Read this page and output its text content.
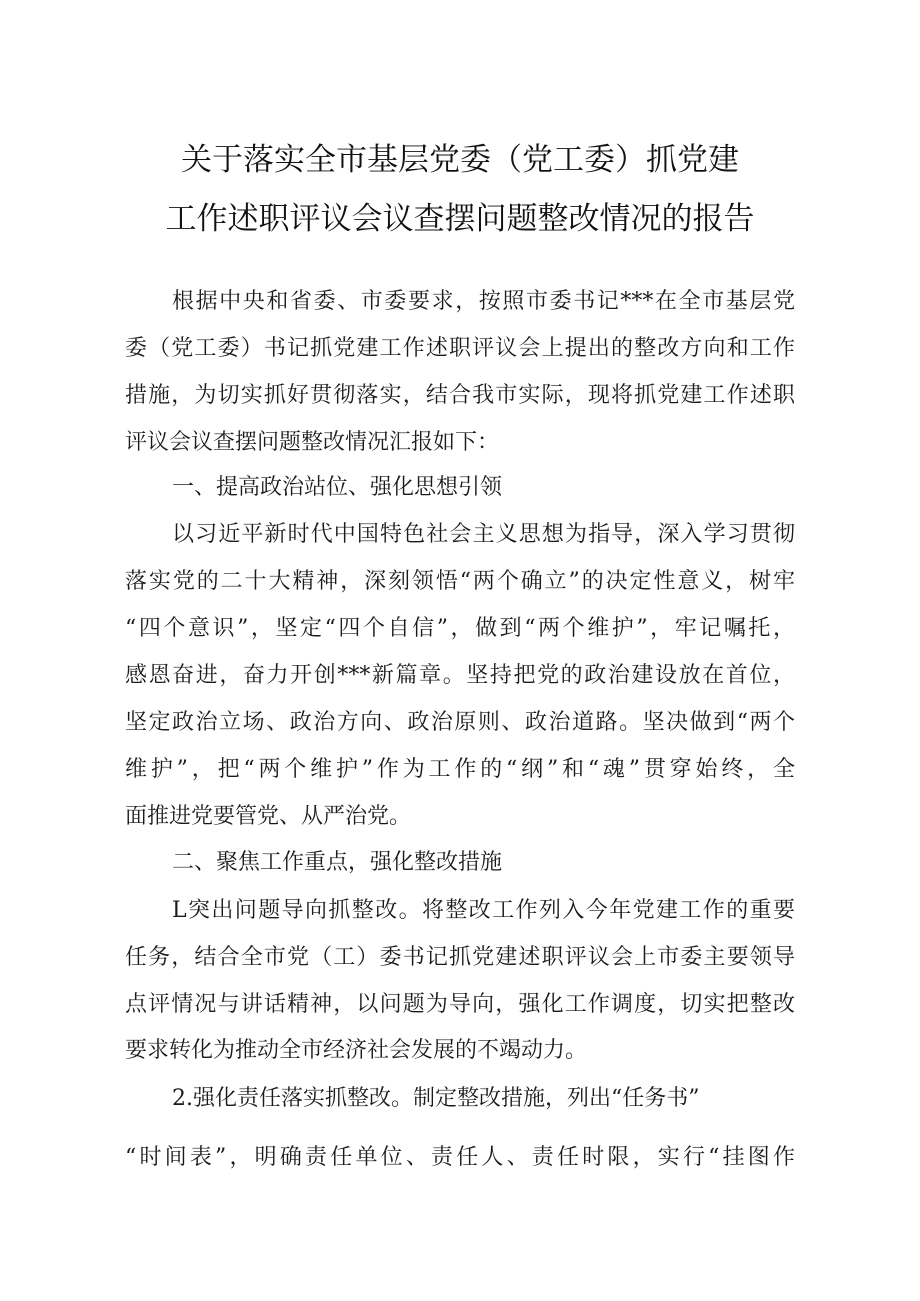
关于落实全市基层党委（党工委）抓党建
工作述职评议会议查摆问题整改情况的报告
根据中央和省委、市委要求，按照市委书记***在全市基层党
委（党工委）书记抓党建工作述职评议会上提出的整改方向和工作
措施，为切实抓好贯彻落实，结合我市实际，现将抓党建工作述职
评议会议查摆问题整改情况汇报如下：
一、提高政治站位、强化思想引领
以习近平新时代中国特色社会主义思想为指导，深入学习贯彻
落实党的二十大精神，深刻领悟“两个确立”的决定性意义，树牢
“四个意识”，坚定“四个自信”，做到“两个维护”，牢记嘱托，
感恩奋进，奋力开创***新篇章。坚持把党的政治建设放在首位，
坚定政治立场、政治方向、政治原则、政治道路。坚决做到“两个
维护”，把“两个维护”作为工作的“纲”和“魂”贯穿始终，全
面推进党要管党、从严治党。
二、聚焦工作重点，强化整改措施
L突出问题导向抓整改。将整改工作列入今年党建工作的重要
任务，结合全市党（工）委书记抓党建述职评议会上市委主要领导
点评情况与讲话精神，以问题为导向，强化工作调度，切实把整改
要求转化为推动全市经济社会发展的不竭动力。
2.强化责任落实抓整改。制定整改措施，列出“任务书”
“时间表”，明确责任单位、责任人、责任时限，实行“挂图作
